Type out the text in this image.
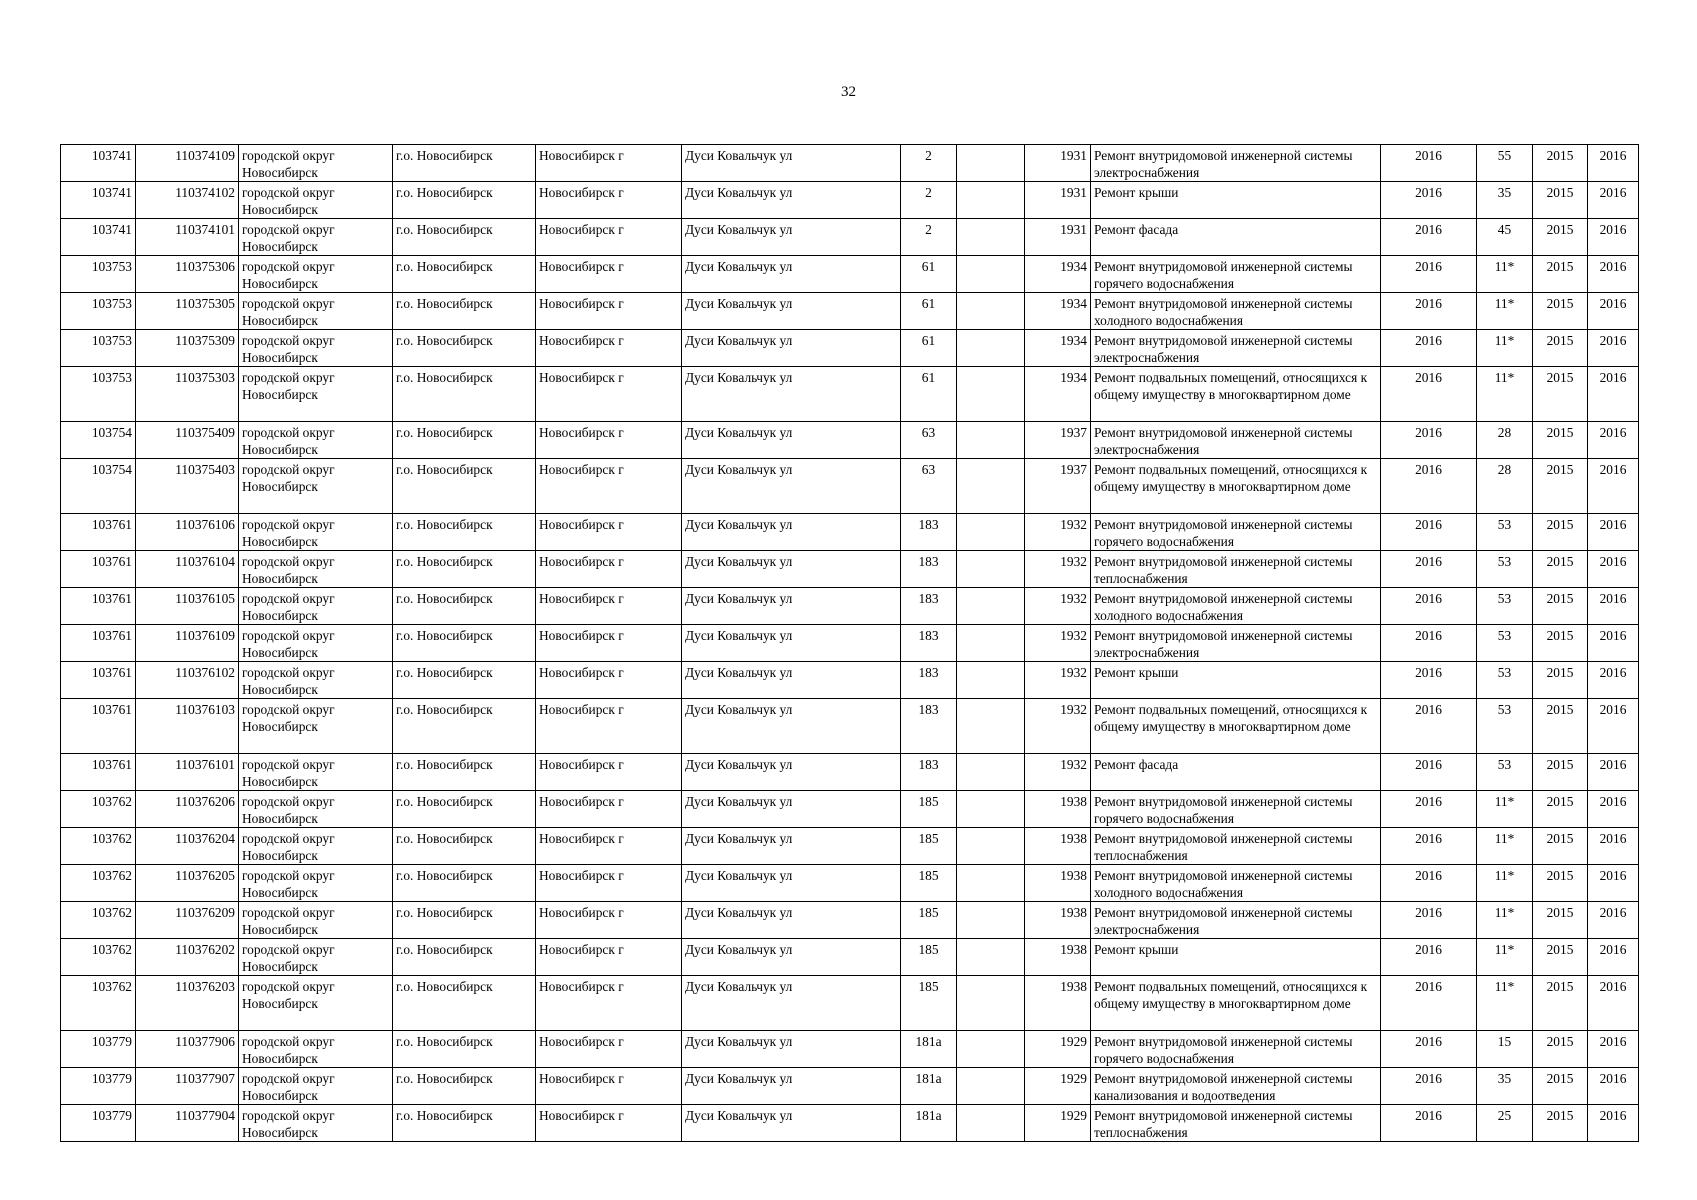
32
103741	110374109	городской округ Новосибирск	г.о. Новосибирск	Новосибирск г	Дуси Ковальчук ул	2		1931	Ремонт внутридомовой инженерной системы электроснабжения	2016	55	2015	2016
103741	110374102	городской округ Новосибирск	г.о. Новосибирск	Новосибирск г	Дуси Ковальчук ул	2		1931	Ремонт крыши	2016	35	2015	2016
103741	110374101	городской округ Новосибирск	г.о. Новосибирск	Новосибирск г	Дуси Ковальчук ул	2		1931	Ремонт фасада	2016	45	2015	2016
103753	110375306	городской округ Новосибирск	г.о. Новосибирск	Новосибирск г	Дуси Ковальчук ул	61		1934	Ремонт внутридомовой инженерной системы горячего водоснабжения	2016	11*	2015	2016
103753	110375305	городской округ Новосибирск	г.о. Новосибирск	Новосибирск г	Дуси Ковальчук ул	61		1934	Ремонт внутридомовой инженерной системы холодного водоснабжения	2016	11*	2015	2016
103753	110375309	городской округ Новосибирск	г.о. Новосибирск	Новосибирск г	Дуси Ковальчук ул	61		1934	Ремонт внутридомовой инженерной системы электроснабжения	2016	11*	2015	2016
103753	110375303	городской округ Новосибирск	г.о. Новосибирск	Новосибирск г	Дуси Ковальчук ул	61		1934	Ремонт подвальных помещений, относящихся к общему имуществу в многоквартирном доме	2016	11*	2015	2016
103754	110375409	городской округ Новосибирск	г.о. Новосибирск	Новосибирск г	Дуси Ковальчук ул	63		1937	Ремонт внутридомовой инженерной системы электроснабжения	2016	28	2015	2016
103754	110375403	городской округ Новосибирск	г.о. Новосибирск	Новосибирск г	Дуси Ковальчук ул	63		1937	Ремонт подвальных помещений, относящихся к общему имуществу в многоквартирном доме	2016	28	2015	2016
103761	110376106	городской округ Новосибирск	г.о. Новосибирск	Новосибирск г	Дуси Ковальчук ул	183		1932	Ремонт внутридомовой инженерной системы горячего водоснабжения	2016	53	2015	2016
103761	110376104	городской округ Новосибирск	г.о. Новосибирск	Новосибирск г	Дуси Ковальчук ул	183		1932	Ремонт внутридомовой инженерной системы теплоснабжения	2016	53	2015	2016
103761	110376105	городской округ Новосибирск	г.о. Новосибирск	Новосибирск г	Дуси Ковальчук ул	183		1932	Ремонт внутридомовой инженерной системы холодного водоснабжения	2016	53	2015	2016
103761	110376109	городской округ Новосибирск	г.о. Новосибирск	Новосибирск г	Дуси Ковальчук ул	183		1932	Ремонт внутридомовой инженерной системы электроснабжения	2016	53	2015	2016
103761	110376102	городской округ Новосибирск	г.о. Новосибирск	Новосибирск г	Дуси Ковальчук ул	183		1932	Ремонт крыши	2016	53	2015	2016
103761	110376103	городской округ Новосибирск	г.о. Новосибирск	Новосибирск г	Дуси Ковальчук ул	183		1932	Ремонт подвальных помещений, относящихся к общему имуществу в многоквартирном доме	2016	53	2015	2016
103761	110376101	городской округ Новосибирск	г.о. Новосибирск	Новосибирск г	Дуси Ковальчук ул	183		1932	Ремонт фасада	2016	53	2015	2016
103762	110376206	городской округ Новосибирск	г.о. Новосибирск	Новосибирск г	Дуси Ковальчук ул	185		1938	Ремонт внутридомовой инженерной системы горячего водоснабжения	2016	11*	2015	2016
103762	110376204	городской округ Новосибирск	г.о. Новосибирск	Новосибирск г	Дуси Ковальчук ул	185		1938	Ремонт внутридомовой инженерной системы теплоснабжения	2016	11*	2015	2016
103762	110376205	городской округ Новосибирск	г.о. Новосибирск	Новосибирск г	Дуси Ковальчук ул	185		1938	Ремонт внутридомовой инженерной системы холодного водоснабжения	2016	11*	2015	2016
103762	110376209	городской округ Новосибирск	г.о. Новосибирск	Новосибирск г	Дуси Ковальчук ул	185		1938	Ремонт внутридомовой инженерной системы электроснабжения	2016	11*	2015	2016
103762	110376202	городской округ Новосибирск	г.о. Новосибирск	Новосибирск г	Дуси Ковальчук ул	185		1938	Ремонт крыши	2016	11*	2015	2016
103762	110376203	городской округ Новосибирск	г.о. Новосибирск	Новосибирск г	Дуси Ковальчук ул	185		1938	Ремонт подвальных помещений, относящихся к общему имуществу в многоквартирном доме	2016	11*	2015	2016
103779	110377906	городской округ Новосибирск	г.о. Новосибирск	Новосибирск г	Дуси Ковальчук ул	181а		1929	Ремонт внутридомовой инженерной системы горячего водоснабжения	2016	15	2015	2016
103779	110377907	городской округ Новосибирск	г.о. Новосибирск	Новосибирск г	Дуси Ковальчук ул	181а		1929	Ремонт внутридомовой инженерной системы канализования и водоотведения	2016	35	2015	2016
103779	110377904	городской округ Новосибирск	г.о. Новосибирск	Новосибирск г	Дуси Ковальчук ул	181а		1929	Ремонт внутридомовой инженерной системы теплоснабжения	2016	25	2015	2016
